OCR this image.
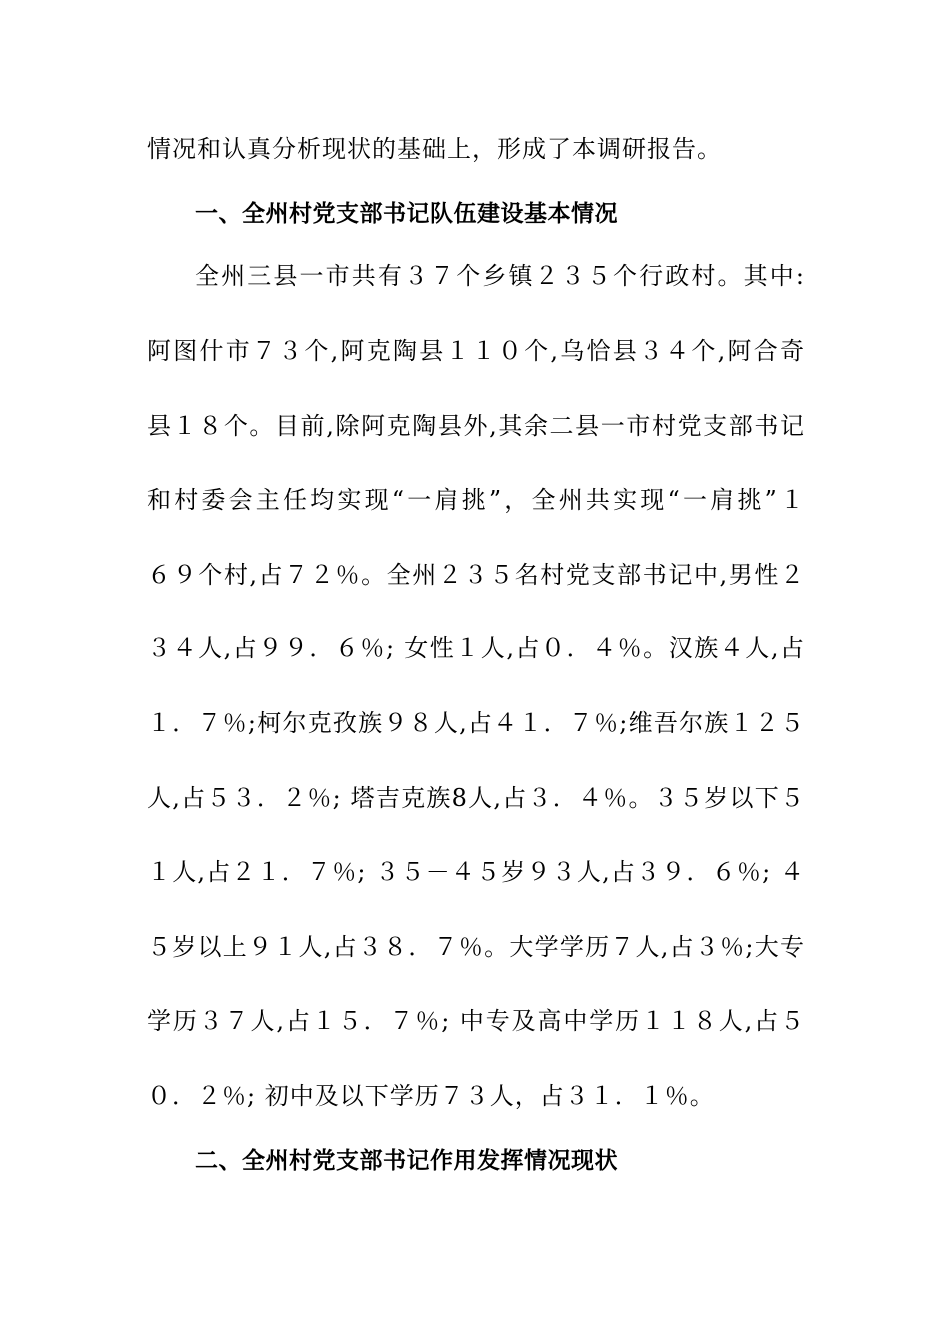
情况和认真分析现状的基础上，形成了本调研报告。
一、全州村党支部书记队伍建设基本情况
全州三县一市共有３７个乡镇２３５个行政村。其中:
阿图什市７３个,阿克陶县１１０个,乌恰县３４个,阿合奇
县１８个。目前,除阿克陶县外,其余二县一市村党支部书记
和村委会主任均实现“一肩挑”，全州共实现“一肩挑”１
６９个村,占７２％。全州２３５名村党支部书记中,男性２
３４人,占９９．６％; 女性１人,占０．４％。汉族４人,占
１．７％;柯尔克孜族９８人,占４１．７％;维吾尔族１２５
人,占５３．２％; 塔吉克族8人,占３．４％。３５岁以下５
１人,占２１．７％; ３５－４５岁９３人,占３９．６％; ４
５岁以上９１人,占３８．７％。大学学历７人,占３％;大专
学历３７人,占１５．７％; 中专及高中学历１１８人,占５
０．２％; 初中及以下学历７３人，占３１．１％。
二、全州村党支部书记作用发挥情况现状
